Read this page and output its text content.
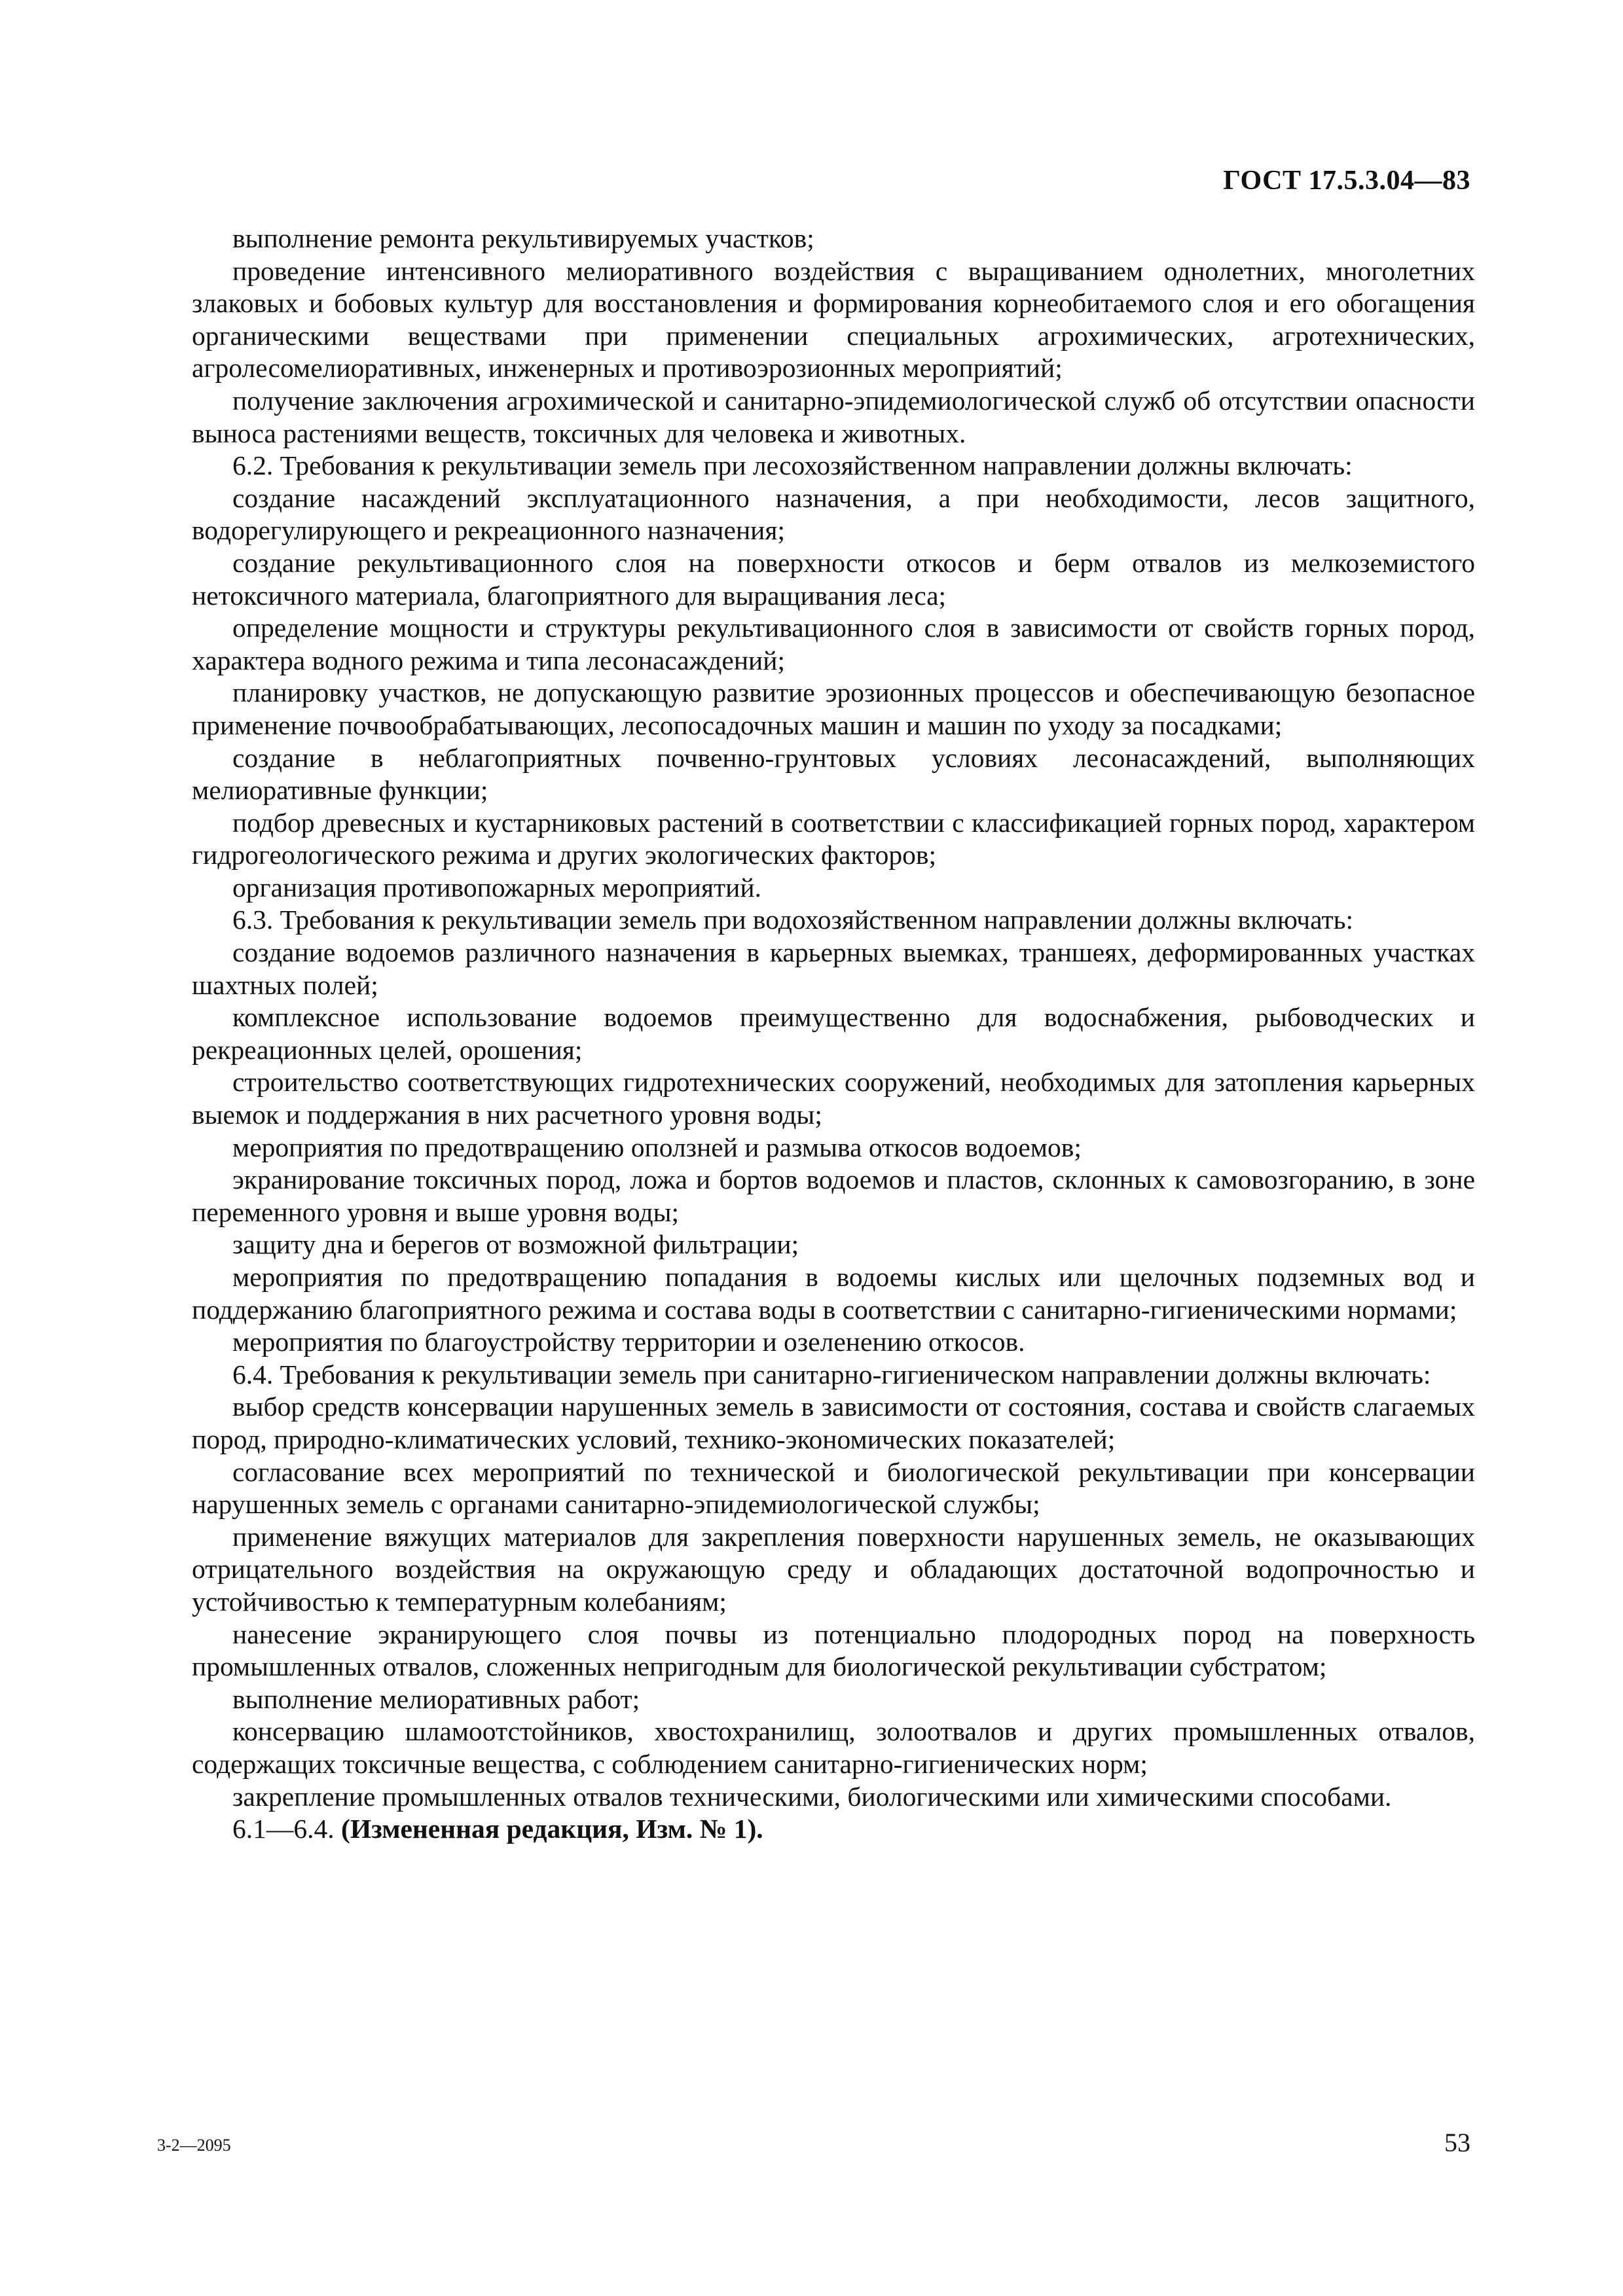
ГОСТ 17.5.3.04—83

выполнение ремонта рекультивируемых участков;

проведение интенсивного мелиоративного воздействия с выращиванием однолетних, многолетних злаковых и бобовых культур для восстановления и формирования корнеобитаемого слоя и его обогащения органическими веществами при применении специальных агрохимических, агротехнических, агролесомелиоративных, инженерных и противоэрозионных мероприятий;

получение заключения агрохимической и санитарно-эпидемиологической служб об отсутствии опасности выноса растениями веществ, токсичных для человека и животных.

6.2. Требования к рекультивации земель при лесохозяйственном направлении должны включать:

создание насаждений эксплуатационного назначения, а при необходимости, лесов защитного, водорегулирующего и рекреационного назначения;

создание рекультивационного слоя на поверхности откосов и берм отвалов из мелкоземистого нетоксичного материала, благоприятного для выращивания леса;

определение мощности и структуры рекультивационного слоя в зависимости от свойств горных пород, характера водного режима и типа лесонасаждений;

планировку участков, не допускающую развитие эрозионных процессов и обеспечивающую безопасное применение почвообрабатывающих, лесопосадочных машин и машин по уходу за посадками;

создание в неблагоприятных почвенно-грунтовых условиях лесонасаждений, выполняющих мелиоративные функции;

подбор древесных и кустарниковых растений в соответствии с классификацией горных пород, характером гидрогеологического режима и других экологических факторов;

организация противопожарных мероприятий.

6.3. Требования к рекультивации земель при водохозяйственном направлении должны включать:

создание водоемов различного назначения в карьерных выемках, траншеях, деформированных участках шахтных полей;

комплексное использование водоемов преимущественно для водоснабжения, рыбоводческих и рекреационных целей, орошения;

строительство соответствующих гидротехнических сооружений, необходимых для затопления карьерных выемок и поддержания в них расчетного уровня воды;

мероприятия по предотвращению оползней и размыва откосов водоемов;

экранирование токсичных пород, ложа и бортов водоемов и пластов, склонных к самовозгоранию, в зоне переменного уровня и выше уровня воды;

защиту дна и берегов от возможной фильтрации;

мероприятия по предотвращению попадания в водоемы кислых или щелочных подземных вод и поддержанию благоприятного режима и состава воды в соответствии с санитарно-гигиеническими нормами;

мероприятия по благоустройству территории и озеленению откосов.

6.4. Требования к рекультивации земель при санитарно-гигиеническом направлении должны включать:

выбор средств консервации нарушенных земель в зависимости от состояния, состава и свойств слагаемых пород, природно-климатических условий, технико-экономических показателей;

согласование всех мероприятий по технической и биологической рекультивации при консервации нарушенных земель с органами санитарно-эпидемиологической службы;

применение вяжущих материалов для закрепления поверхности нарушенных земель, не оказывающих отрицательного воздействия на окружающую среду и обладающих достаточной водопрочностью и устойчивостью к температурным колебаниям;

нанесение экранирующего слоя почвы из потенциально плодородных пород на поверхность промышленных отвалов, сложенных непригодным для биологической рекультивации субстратом;

выполнение мелиоративных работ;

консервацию шламоотстойников, хвостохранилищ, золоотвалов и других промышленных отвалов, содержащих токсичные вещества, с соблюдением санитарно-гигиенических норм;

закрепление промышленных отвалов техническими, биологическими или химическими способами.

6.1—6.4. (Измененная редакция, Изм. № 1).

3-2—2095	53
